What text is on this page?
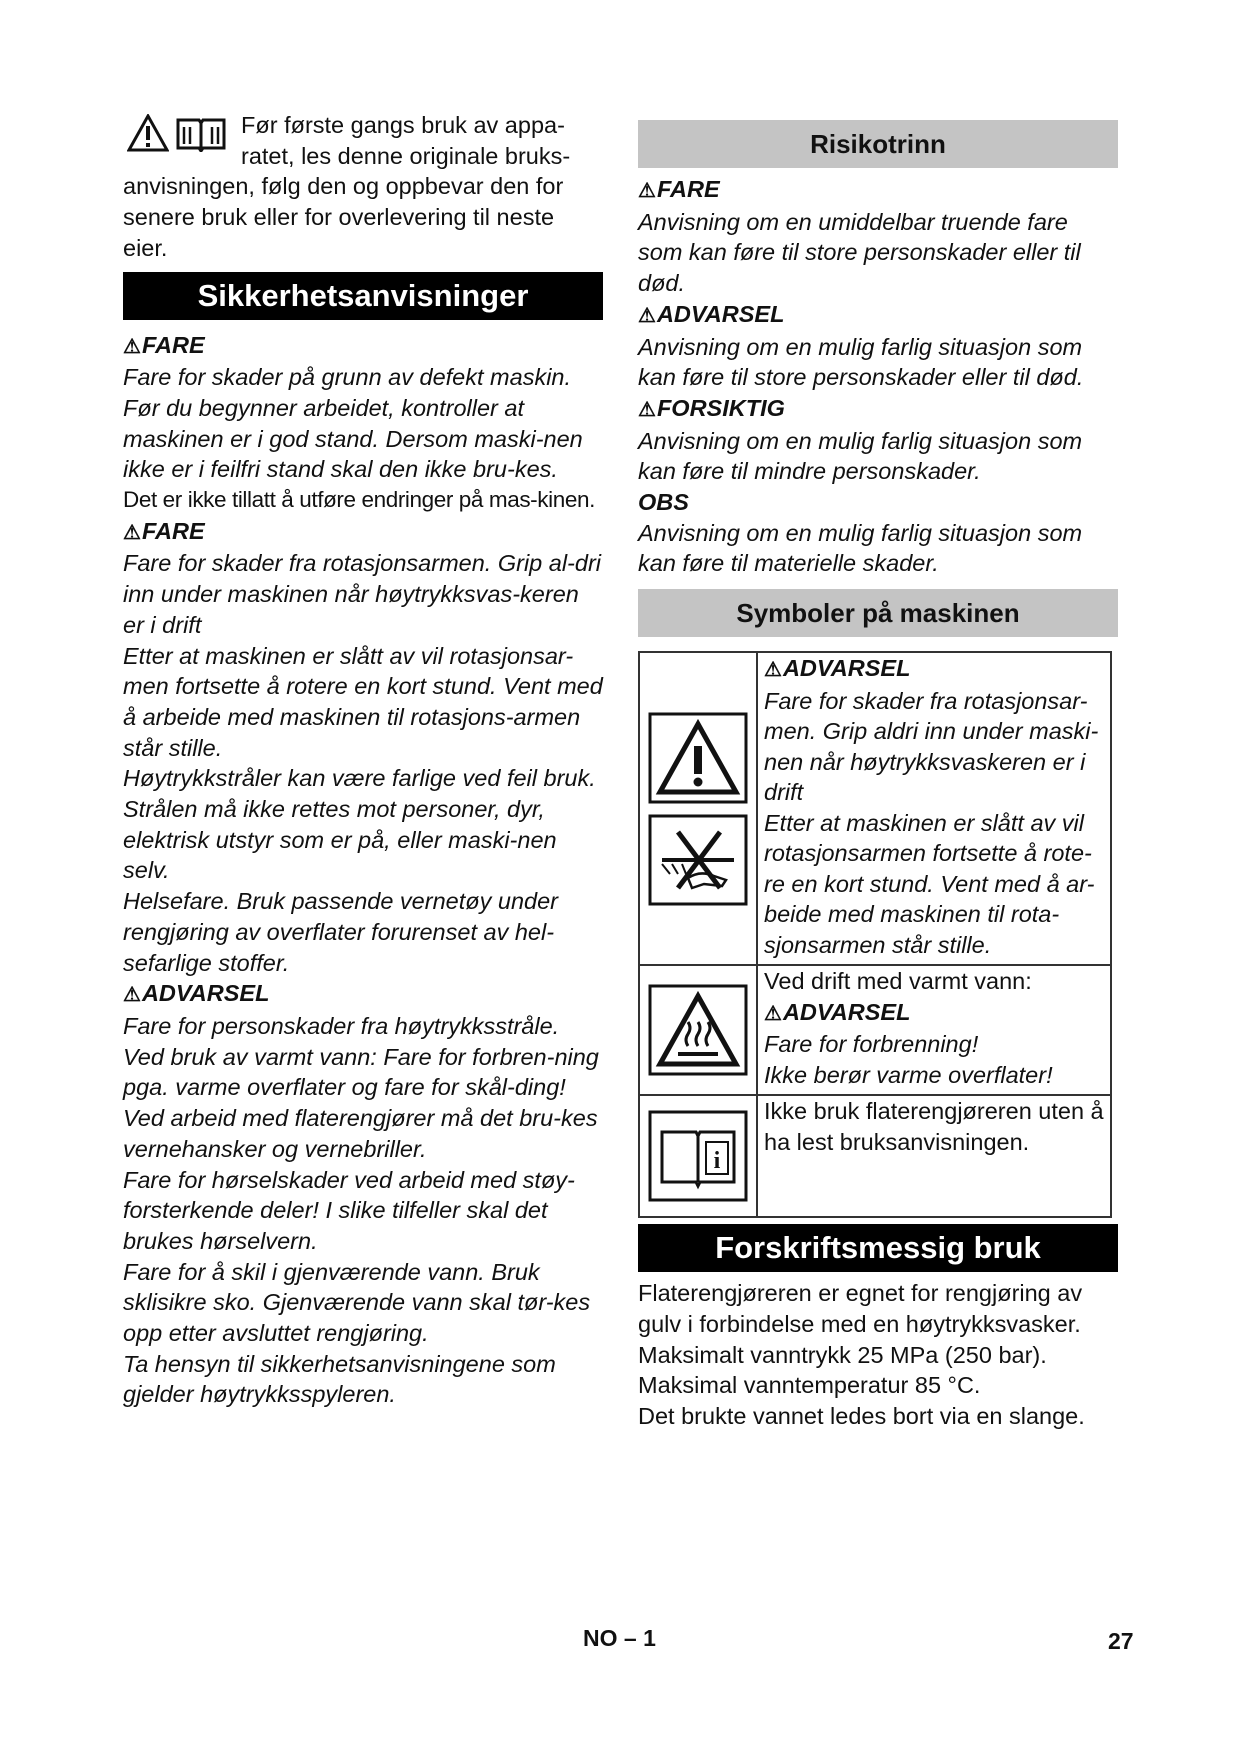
Før første gangs bruk av appa-

ratet, les denne originale bruks-

anvisningen, følg den og oppbevar den for

senere bruk eller for overlevering til neste

eier.

Sikkerhetsanvisninger
⚠FARE

Fare for skader på grunn av defekt maskin. Før du begynner arbeidet, kontroller at maskinen er i god stand. Dersom maski-nen ikke er i feilfri stand skal den ikke bru-kes.

Det er ikke tillatt å utføre endringer på mas-kinen.

⚠FARE

Fare for skader fra rotasjonsarmen. Grip al-dri inn under maskinen når høytrykksvas-keren er i drift

Etter at maskinen er slått av vil rotasjonsar-men fortsette å rotere en kort stund. Vent med å arbeide med maskinen til rotasjons-armen står stille.

Høytrykkstråler kan være farlige ved feil bruk. Strålen må ikke rettes mot personer, dyr, elektrisk utstyr som er på, eller maski-nen selv.

Helsefare. Bruk passende vernetøy under rengjøring av overflater forurenset av hel-sefarlige stoffer.

⚠ADVARSEL

Fare for personskader fra høytrykksstråle. Ved bruk av varmt vann: Fare for forbren-ning pga. varme overflater og fare for skål-ding!

Ved arbeid med flaterengjører må det bru-kes vernehansker og vernebriller.

Fare for hørselskader ved arbeid med støy-forsterkende deler! I slike tilfeller skal det brukes hørselvern.

Fare for å skil i gjenværende vann. Bruk sklisikre sko. Gjenværende vann skal tør-kes opp etter avsluttet rengjøring.

Ta hensyn til sikkerhetsanvisningene som gjelder høytrykksspyleren.

Risikotrinn
⚠FARE

Anvisning om en umiddelbar truende fare som kan føre til store personskader eller til død.

⚠ADVARSEL

Anvisning om en mulig farlig situasjon som kan føre til store personskader eller til død.

⚠FORSIKTIG

Anvisning om en mulig farlig situasjon som kan føre til mindre personskader.

OBS

Anvisning om en mulig farlig situasjon som kan føre til materielle skader.

Symboler på maskinen
⚠ADVARSEL

Fare for skader fra rotasjonsar-men. Grip aldri inn under maski-nen når høytrykksvaskeren er i drift

Etter at maskinen er slått av vil rotasjonsarmen fortsette å rote-re en kort stund. Vent med å ar-beide med maskinen til rota-sjonsarmen står stille.

Ved drift med varmt vann:

⚠ADVARSEL

Fare for forbrenning!

Ikke berør varme overflater!

i

Ikke bruk flaterengjøreren uten å ha lest bruksanvisningen.

Forskriftsmessig bruk

Flaterengjøreren er egnet for rengjøring av gulv i forbindelse med en høytrykksvasker.

Maksimalt vanntrykk 25 MPa (250 bar).

Maksimal vanntemperatur 85 °C.

Det brukte vannet ledes bort via en slange.

NO – 1	27
